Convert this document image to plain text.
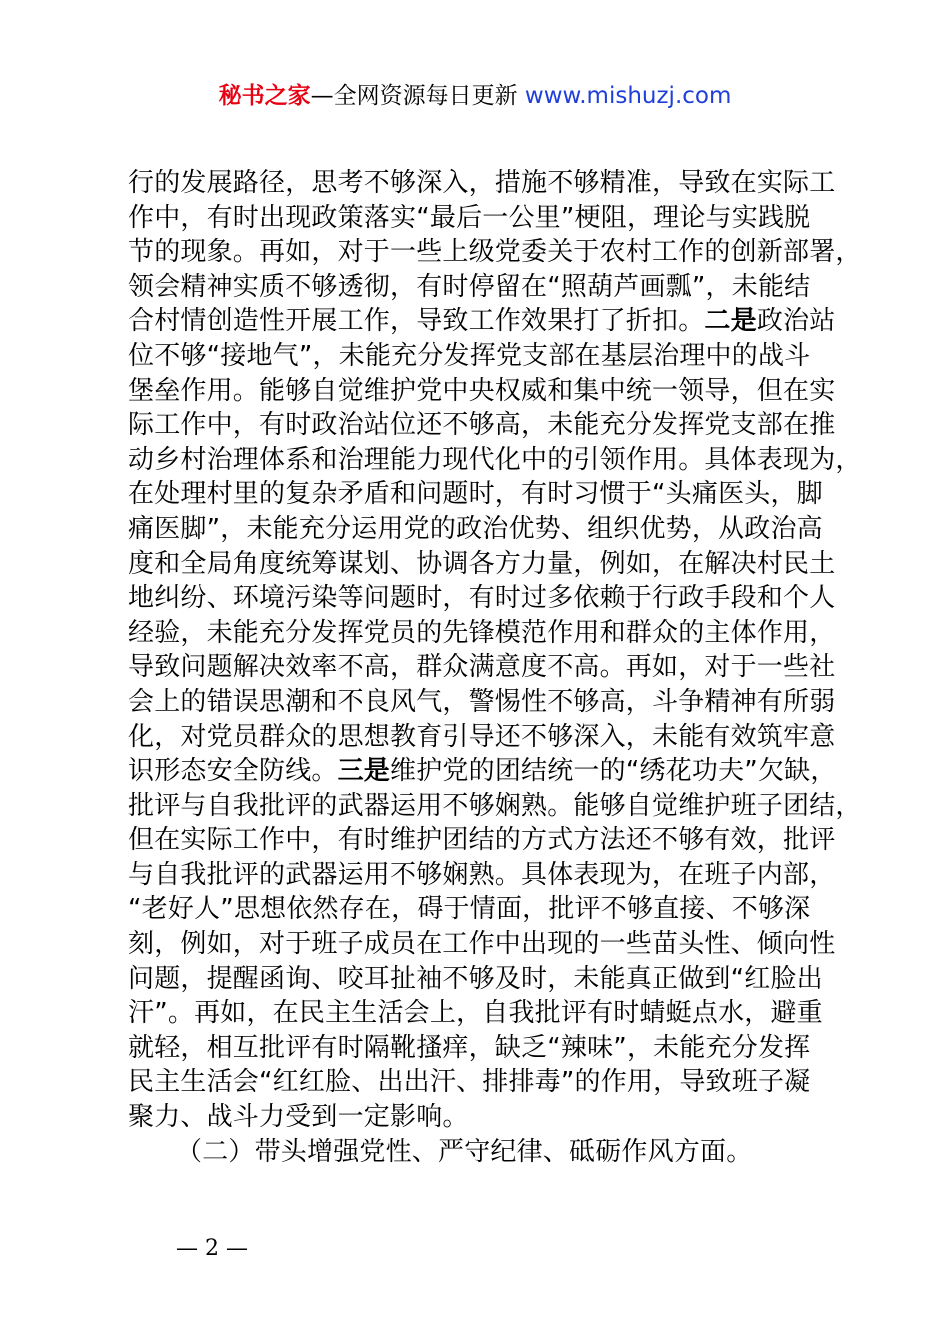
秘书之家—全网资源每日更新 www.mishuzj.com
行的发展路径，思考不够深入，措施不够精准，导致在实际工
作中，有时出现政策落实“最后一公里”梗阻，理论与实践脱
节的现象。再如，对于一些上级党委关于农村工作的创新部署，
领会精神实质不够透彻，有时停留在“照葫芦画瓢”，未能结
合村情创造性开展工作，导致工作效果打了折扣。二是政治站
位不够“接地气”，未能充分发挥党支部在基层治理中的战斗
堡垒作用。能够自觉维护党中央权威和集中统一领导，但在实
际工作中，有时政治站位还不够高，未能充分发挥党支部在推
动乡村治理体系和治理能力现代化中的引领作用。具体表现为，
在处理村里的复杂矛盾和问题时，有时习惯于“头痛医头，脚
痛医脚”，未能充分运用党的政治优势、组织优势，从政治高
度和全局角度统筹谋划、协调各方力量，例如，在解决村民土
地纠纷、环境污染等问题时，有时过多依赖于行政手段和个人
经验，未能充分发挥党员的先锋模范作用和群众的主体作用，
导致问题解决效率不高，群众满意度不高。再如，对于一些社
会上的错误思潮和不良风气，警惕性不够高，斗争精神有所弱
化，对党员群众的思想教育引导还不够深入，未能有效筑牢意
识形态安全防线。三是维护党的团结统一的“绣花功夫”欠缺，
批评与自我批评的武器运用不够娴熟。能够自觉维护班子团结，
但在实际工作中，有时维护团结的方式方法还不够有效，批评
与自我批评的武器运用不够娴熟。具体表现为，在班子内部，
“老好人”思想依然存在，碍于情面，批评不够直接、不够深
刻，例如，对于班子成员在工作中出现的一些苗头性、倾向性
问题，提醒函询、咬耳扯袖不够及时，未能真正做到“红脸出
汗”。再如，在民主生活会上，自我批评有时蜻蜓点水，避重
就轻，相互批评有时隔靴搔痒，缺乏“辣味”，未能充分发挥
民主生活会“红红脸、出出汗、排排毒”的作用，导致班子凝
聚力、战斗力受到一定影响。
（二）带头增强党性、严守纪律、砥砺作风方面。
— 2 —
